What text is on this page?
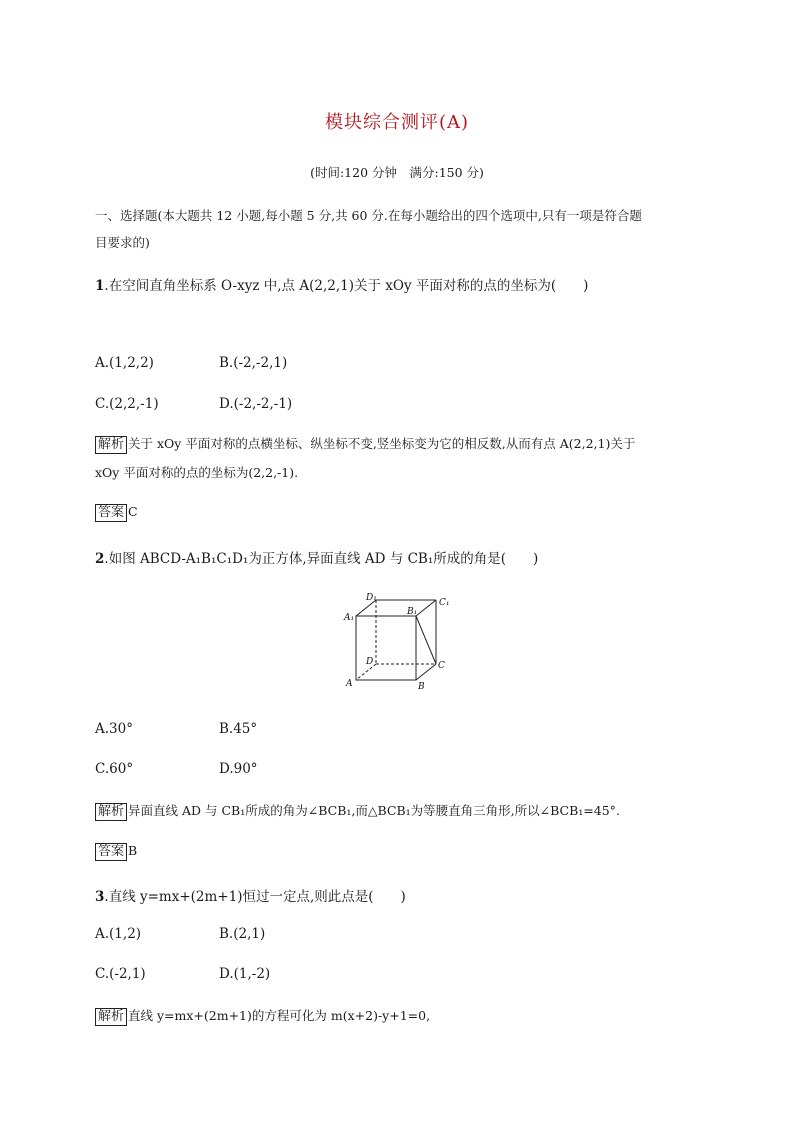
模块综合测评(A)
(时间:120 分钟　满分:150 分)
一、选择题(本大题共 12 小题,每小题 5 分,共 60 分.在每小题给出的四个选项中,只有一项是符合题
目要求的)
1.在空间直角坐标系 O-xyz 中,点 A(2,2,1)关于 xOy 平面对称的点的坐标为(　　)
A.(1,2,2)	B.(-2,-2,1)
C.(2,2,-1)	D.(-2,-2,-1)
解析 关于 xOy 平面对称的点横坐标、纵坐标不变,竖坐标变为它的相反数,从而有点 A(2,2,1)关于
xOy 平面对称的点的坐标为(2,2,-1).
答案 C
2.如图 ABCD-A₁B₁C₁D₁为正方体,异面直线 AD 与 CB₁所成的角是(　　)
D₁
B₁
C₁
A₁
D	C
A	B
A.30°	B.45°
C.60°	D.90°
解析 异面直线 AD 与 CB₁所成的角为∠BCB₁,而△BCB₁为等腰直角三角形,所以∠BCB₁=45°.
答案 B
3.直线 y=mx+(2m+1)恒过一定点,则此点是(　　)
A.(1,2)	B.(2,1)
C.(-2,1)	D.(1,-2)
解析 直线 y=mx+(2m+1)的方程可化为 m(x+2)-y+1=0,
